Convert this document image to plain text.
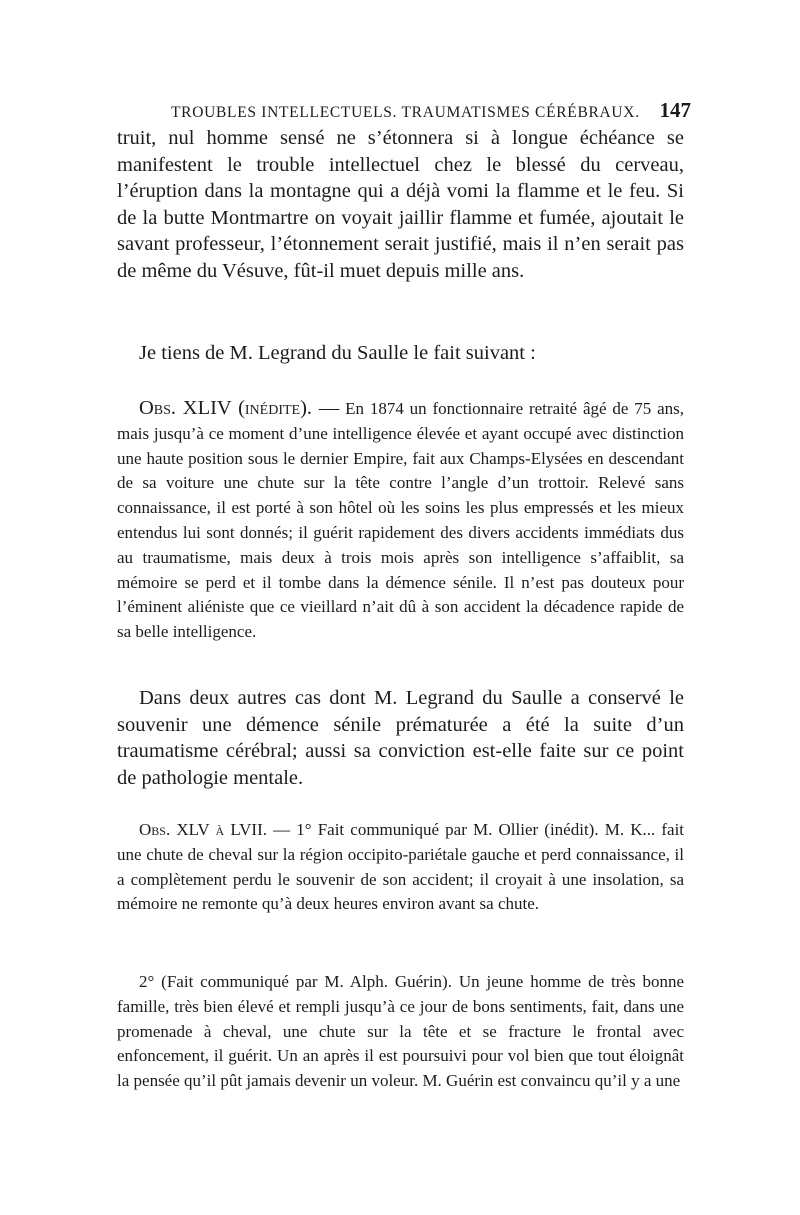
TROUBLES INTELLECTUELS. TRAUMATISMES CÉRÉBRAUX. 147

truit, nul homme sensé ne s’étonnera si à longue échéance se manifestent le trouble intellectuel chez le blessé du cerveau, l’éruption dans la montagne qui a déjà vomi la flamme et le feu. Si de la butte Montmartre on voyait jaillir flamme et fumée, ajoutait le savant professeur, l’étonnement serait justifié, mais il n’en serait pas de même du Vésuve, fût-il muet depuis mille ans.

Je tiens de M. Legrand du Saulle le fait suivant :

Obs. XLIV (inédite). — En 1874 un fonctionnaire retraité âgé de 75 ans, mais jusqu’à ce moment d’une intelligence élevée et ayant occupé avec distinction une haute position sous le dernier Empire, fait aux Champs-Elysées en descendant de sa voiture une chute sur la tête contre l’angle d’un trottoir. Relevé sans connaissance, il est porté à son hôtel où les soins les plus empressés et les mieux entendus lui sont donnés; il guérit rapidement des divers accidents immédiats dus au traumatisme, mais deux à trois mois après son intelligence s’affaiblit, sa mémoire se perd et il tombe dans la démence sénile. Il n’est pas douteux pour l’éminent aliéniste que ce vieillard n’ait dû à son accident la décadence rapide de sa belle intelligence.

Dans deux autres cas dont M. Legrand du Saulle a conservé le souvenir une démence sénile prématurée a été la suite d’un traumatisme cérébral; aussi sa conviction est-elle faite sur ce point de pathologie mentale.

Obs. XLV à LVII. — 1° Fait communiqué par M. Ollier (inédit). M. K... fait une chute de cheval sur la région occipito-pariétale gauche et perd connaissance, il a complètement perdu le souvenir de son accident; il croyait à une insolation, sa mémoire ne remonte qu’à deux heures environ avant sa chute.

2° (Fait communiqué par M. Alph. Guérin). Un jeune homme de très bonne famille, très bien élevé et rempli jusqu’à ce jour de bons sentiments, fait, dans une promenade à cheval, une chute sur la tête et se fracture le frontal avec enfoncement, il guérit. Un an après il est poursuivi pour vol bien que tout éloignât la pensée qu’il pût jamais devenir un voleur. M. Guérin est convaincu qu’il y a une
